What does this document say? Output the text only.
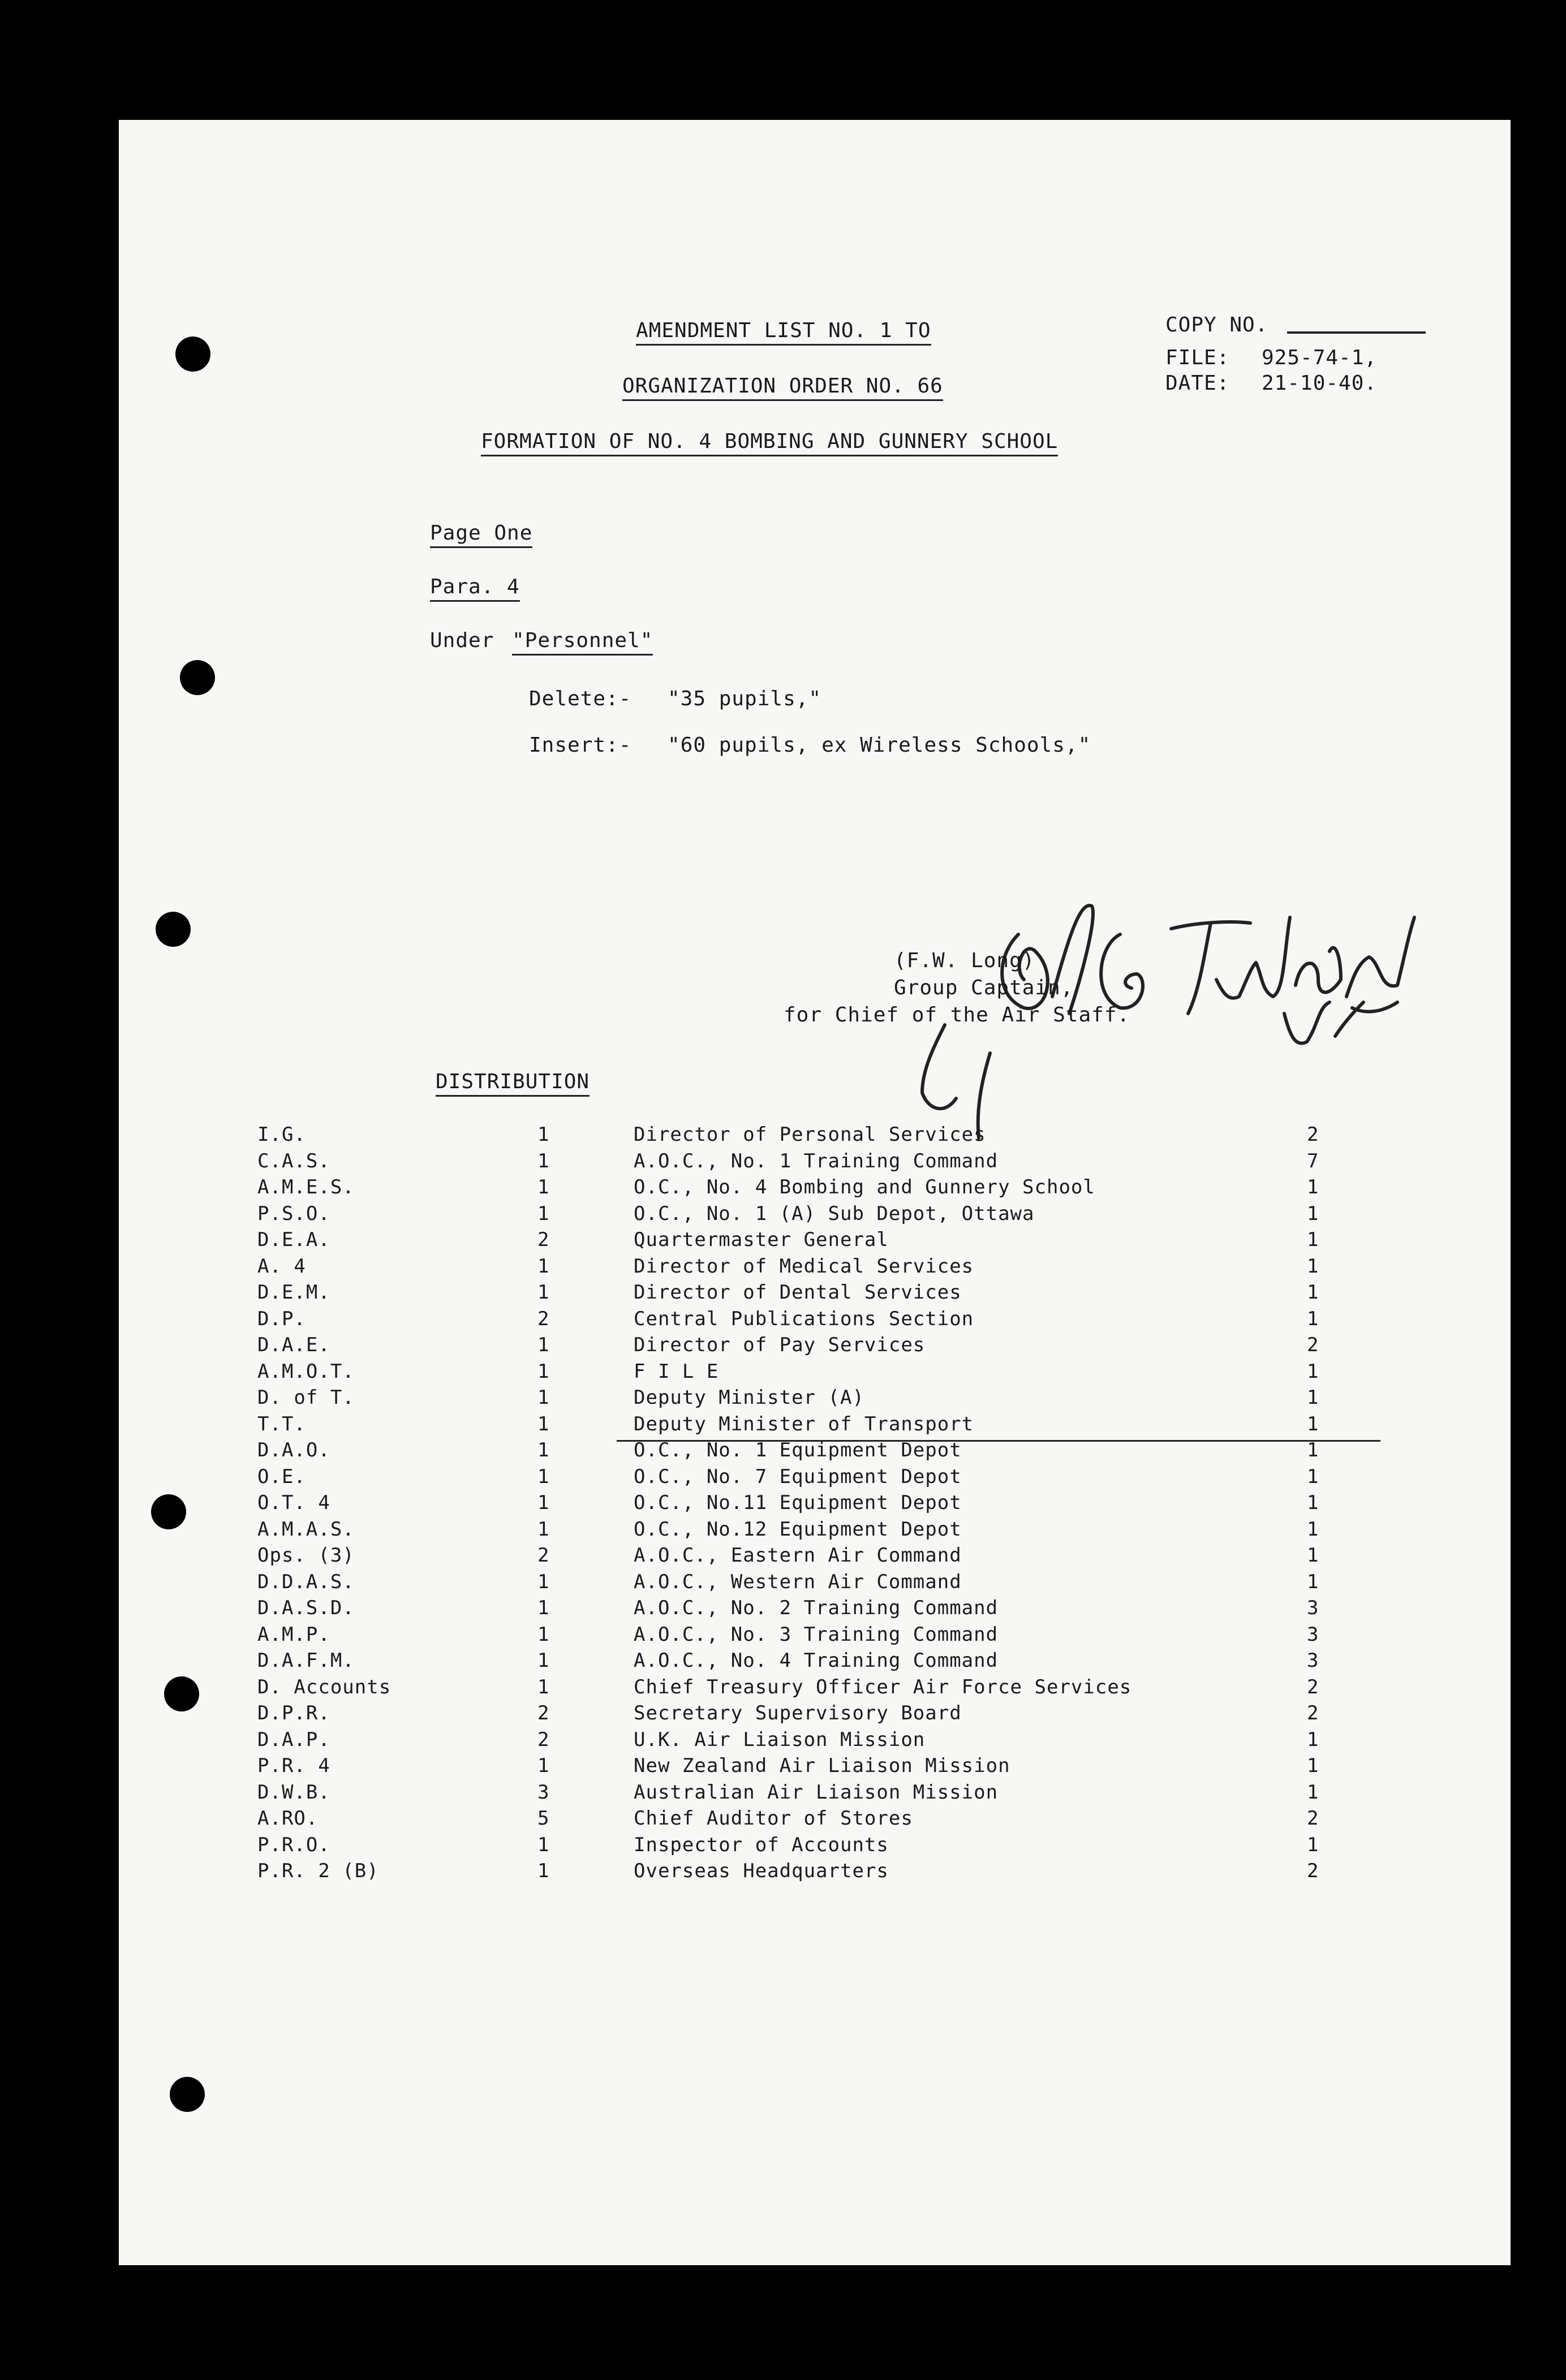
AMENDMENT LIST NO. 1 TO
ORGANIZATION ORDER NO. 66
FORMATION OF NO. 4 BOMBING AND GUNNERY SCHOOL
COPY NO.
FILE: 925-74-1,
DATE: 21-10-40.
Page One
Para. 4
Under "Personnel"
Delete:- "35 pupils,"
Insert:- "60 pupils, ex Wireless Schools,"
(F.W. Long)
Group Captain,
for Chief of the Air Staff.
DISTRIBUTION
I.G.	1	Director of Personal Services	2
C.A.S.	1	A.O.C., No. 1 Training Command	7
A.M.E.S.	1	O.C., No. 4 Bombing and Gunnery School	1
P.S.O.	1	O.C., No. 1 (A) Sub Depot, Ottawa	1
D.E.A.	2	Quartermaster General	1
A. 4	1	Director of Medical Services	1
D.E.M.	1	Director of Dental Services	1
D.P.	2	Central Publications Section	1
D.A.E.	1	Director of Pay Services	2
A.M.O.T.	1	F I L E	1
D. of T.	1	Deputy Minister (A)	1
T.T.	1	Deputy Minister of Transport	1
D.A.O.	1	O.C., No. 1 Equipment Depot	1
O.E.	1	O.C., No. 7 Equipment Depot	1
O.T. 4	1	O.C., No.11 Equipment Depot	1
A.M.A.S.	1	O.C., No.12 Equipment Depot	1
Ops. (3)	2	A.O.C., Eastern Air Command	1
D.D.A.S.	1	A.O.C., Western Air Command	1
D.A.S.D.	1	A.O.C., No. 2 Training Command	3
A.M.P.	1	A.O.C., No. 3 Training Command	3
D.A.F.M.	1	A.O.C., No. 4 Training Command	3
D. Accounts	1	Chief Treasury Officer Air Force Services	2
D.P.R.	2	Secretary Supervisory Board	2
D.A.P.	2	U.K. Air Liaison Mission	1
P.R. 4	1	New Zealand Air Liaison Mission	1
D.W.B.	3	Australian Air Liaison Mission	1
A.RO.	5	Chief Auditor of Stores	2
P.R.O.	1	Inspector of Accounts	1
P.R. 2 (B)	1	Overseas Headquarters	2
